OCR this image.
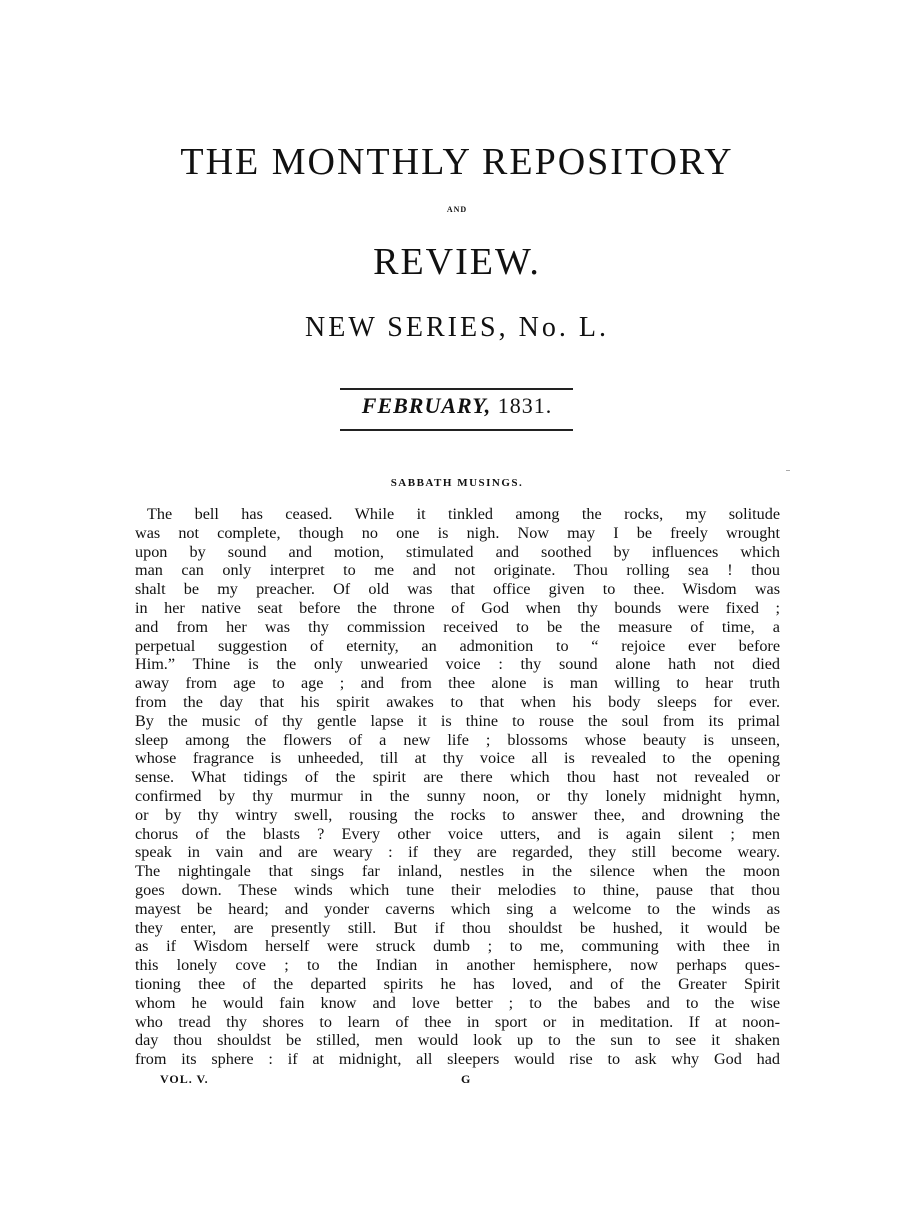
THE MONTHLY REPOSITORY
AND
REVIEW.
NEW SERIES, No. L.
FEBRUARY, 1831.
SABBATH MUSINGS.
The bell has ceased. While it tinkled among the rocks, my solitude
was not complete, though no one is nigh. Now may I be freely wrought
upon by sound and motion, stimulated and soothed by influences which
man can only interpret to me and not originate. Thou rolling sea ! thou
shalt be my preacher. Of old was that office given to thee. Wisdom was
in her native seat before the throne of God when thy bounds were fixed ;
and from her was thy commission received to be the measure of time, a
perpetual suggestion of eternity, an admonition to “ rejoice ever before
Him.” Thine is the only unwearied voice : thy sound alone hath not died
away from age to age ; and from thee alone is man willing to hear truth
from the day that his spirit awakes to that when his body sleeps for ever.
By the music of thy gentle lapse it is thine to rouse the soul from its primal
sleep among the flowers of a new life ; blossoms whose beauty is unseen,
whose fragrance is unheeded, till at thy voice all is revealed to the opening
sense. What tidings of the spirit are there which thou hast not revealed or
confirmed by thy murmur in the sunny noon, or thy lonely midnight hymn,
or by thy wintry swell, rousing the rocks to answer thee, and drowning the
chorus of the blasts ? Every other voice utters, and is again silent ; men
speak in vain and are weary : if they are regarded, they still become weary.
The nightingale that sings far inland, nestles in the silence when the moon
goes down. These winds which tune their melodies to thine, pause that thou
mayest be heard; and yonder caverns which sing a welcome to the winds as
they enter, are presently still. But if thou shouldst be hushed, it would be
as if Wisdom herself were struck dumb ; to me, communing with thee in
this lonely cove ; to the Indian in another hemisphere, now perhaps ques-
tioning thee of the departed spirits he has loved, and of the Greater Spirit
whom he would fain know and love better ; to the babes and to the wise
who tread thy shores to learn of thee in sport or in meditation. If at noon-
day thou shouldst be stilled, men would look up to the sun to see it shaken
from its sphere : if at midnight, all sleepers would rise to ask why God had
VOL. V.	G
